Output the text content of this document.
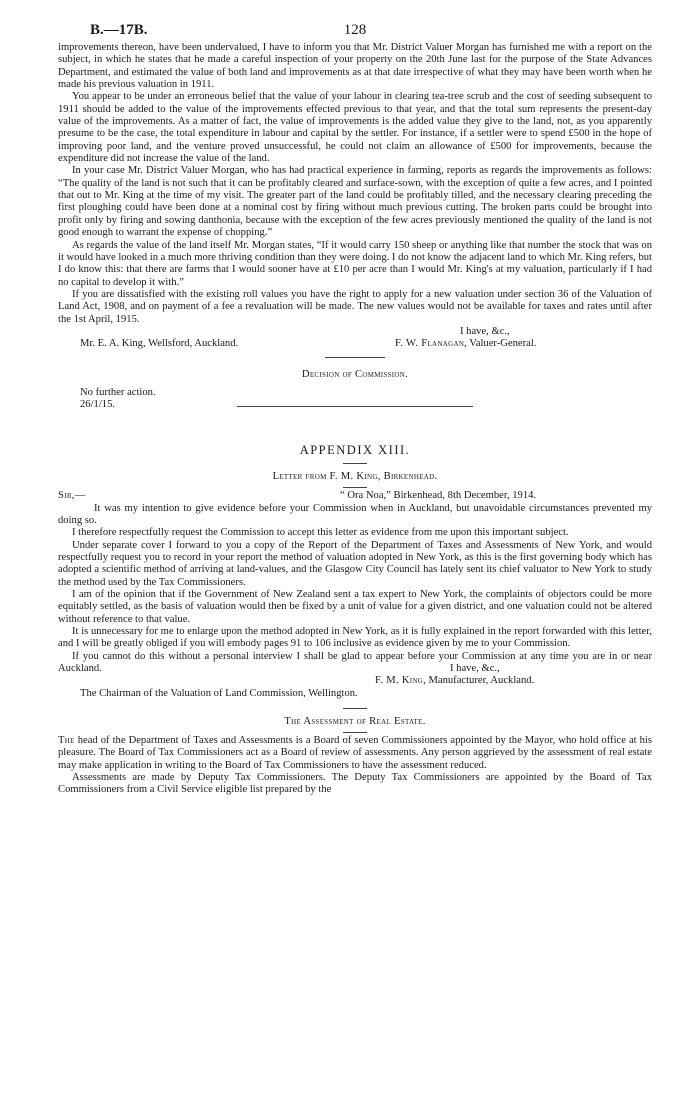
B.—17B.	128

improvements thereon, have been undervalued, I have to inform you that Mr. District Valuer Morgan has furnished me with a report on the subject, in which he states that he made a careful inspection of your property on the 20th June last for the purpose of the State Advances Department, and estimated the value of both land and improvements as at that date irrespective of what they may have been worth when he made his previous valuation in 1911.

You appear to be under an erroneous belief that the value of your labour in clearing tea-tree scrub and the cost of seeding subsequent to 1911 should be added to the value of the improvements effected previous to that year, and that the total sum represents the present-day value of the improvements. As a matter of fact, the value of improvements is the added value they give to the land, not, as you apparently presume to be the case, the total expenditure in labour and capital by the settler. For instance, if a settler were to spend £500 in the hope of improving poor land, and the venture proved unsuccessful, he could not claim an allowance of £500 for improvements, because the expenditure did not increase the value of the land.

In your case Mr. District Valuer Morgan, who has had practical experience in farming, reports as regards the improvements as follows: “The quality of the land is not such that it can be profitably cleared and surface-sown, with the exception of quite a few acres, and I pointed that out to Mr. King at the time of my visit. The greater part of the land could be profitably tilled, and the necessary clearing preceding the first ploughing could have been done at a nominal cost by firing without much previous cutting. The broken parts could be brought into profit only by firing and sowing danthonia, because with the exception of the few acres previously mentioned the quality of the land is not good enough to warrant the expense of chopping.”

As regards the value of the land itself Mr. Morgan states, “If it would carry 150 sheep or anything like that number the stock that was on it would have looked in a much more thriving condition than they were doing. I do not know the adjacent land to which Mr. King refers, but I do know this: that there are farms that I would sooner have at £10 per acre than I would Mr. King's at my valuation, particularly if I had no capital to develop it with.”

If you are dissatisfied with the existing roll values you have the right to apply for a new valuation under section 36 of the Valuation of Land Act, 1908, and on payment of a fee a revaluation will be made. The new values would not be available for taxes and rates until after the 1st April, 1915.

I have, &c.,
Mr. E. A. King, Wellsford, Auckland.	F. W. Flanagan, Valuer-General.
Decision of Commission.
No further action.
26/1/15.
APPENDIX XIII.
Letter from F. M. King, Birkenhead.
Sir,—	“ Ora Noa,” Birkenhead, 8th December, 1914.

It was my intention to give evidence before your Commission when in Auckland, but unavoidable circumstances prevented my doing so.

I therefore respectfully request the Commission to accept this letter as evidence from me upon this important subject.

Under separate cover I forward to you a copy of the Report of the Department of Taxes and Assessments of New York, and would respectfully request you to record in your report the method of valuation adopted in New York, as this is the first governing body which has adopted a scientific method of arriving at land-values, and the Glasgow City Council has lately sent its chief valuator to New York to study the method used by the Tax Commissioners.

I am of the opinion that if the Government of New Zealand sent a tax expert to New York, the complaints of objectors could be more equitably settled, as the basis of valuation would then be fixed by a unit of value for a given district, and one valuation could not be altered without reference to that value.

It is unnecessary for me to enlarge upon the method adopted in New York, as it is fully explained in the report forwarded with this letter, and I will be greatly obliged if you will embody pages 91 to 106 inclusive as evidence given by me to your Commission.

If you cannot do this without a personal interview I shall be glad to appear before your Commission at any time you are in or near Auckland.	I have, &c.,
F. M. King, Manufacturer, Auckland.
The Chairman of the Valuation of Land Commission, Wellington.
The Assessment of Real Estate.

The head of the Department of Taxes and Assessments is a Board of seven Commissioners appointed by the Mayor, who hold office at his pleasure. The Board of Tax Commissioners act as a Board of review of assessments. Any person aggrieved by the assessment of real estate may make application in writing to the Board of Tax Commissioners to have the assessment reduced.

Assessments are made by Deputy Tax Commissioners. The Deputy Tax Commissioners are appointed by the Board of Tax Commissioners from a Civil Service eligible list prepared by the
